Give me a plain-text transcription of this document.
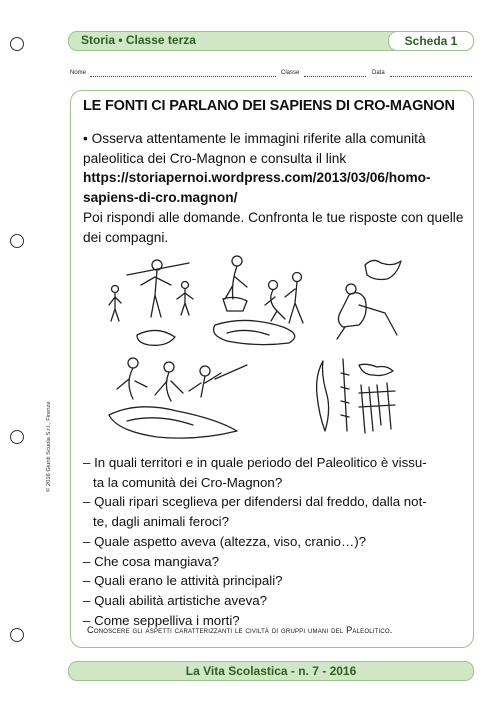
Storia • Classe terza	Scheda 1
Nome	Classe	Data
© 2016 Giunti Scuola S.r.l., Firenze
LE FONTI CI PARLANO DEI SAPIENS DI CRO-MAGNON
• Osserva attentamente le immagini riferite alla comunità paleolitica dei Cro-Magnon e consulta il link https://storiapernoi.wordpress.com/2013/03/06/homo-sapiens-di-cro.magnon/
Poi rispondi alle domande. Confronta le tue risposte con quelle dei compagni.
– In quali territori e in quale periodo del Paleolitico è vissu-
ta la comunità dei Cro-Magnon?
– Quali ripari sceglieva per difendersi dal freddo, dalla not-
te, dagli animali feroci?
– Quale aspetto aveva (altezza, viso, cranio…)?
– Che cosa mangiava?
– Quali erano le attività principali?
– Quali abilità artistiche aveva?
– Come seppelliva i morti?
Conoscere gli aspetti caratterizzanti le civiltà di gruppi umani del Paleolitico.
La Vita Scolastica - n. 7 - 2016
